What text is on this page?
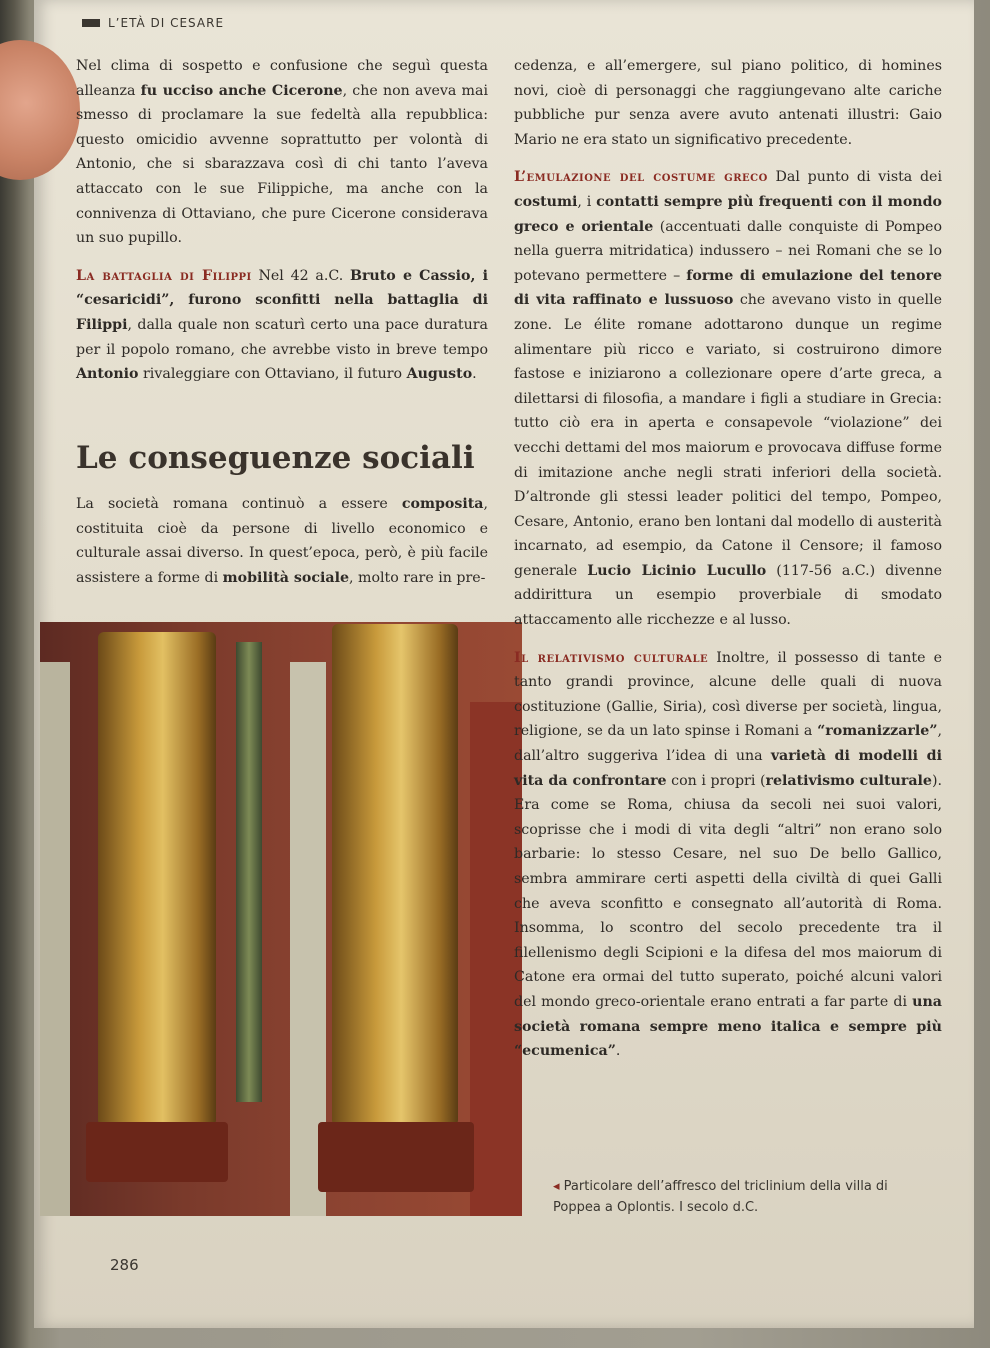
L’ETÀ DI CESARE

Nel clima di sospetto e confusione che seguì questa alleanza fu ucciso anche Cicerone, che non aveva mai smesso di proclamare la sue fedeltà alla repubblica: questo omicidio avvenne soprattutto per volontà di Antonio, che si sbarazzava così di chi tanto l’aveva attaccato con le sue Filippiche, ma anche con la connivenza di Ottaviano, che pure Cicerone considerava un suo pupillo.

La battaglia di Filippi Nel 42 a.C. Bruto e Cassio, i “cesaricidi”, furono sconfitti nella battaglia di Filippi, dalla quale non scaturì certo una pace duratura per il popolo romano, che avrebbe visto in breve tempo Antonio rivaleggiare con Ottaviano, il futuro Augusto.

Le conseguenze sociali

La società romana continuò a essere composita, costituita cioè da persone di livello economico e culturale assai diverso. In quest’epoca, però, è più facile assistere a forme di mobilità sociale, molto rare in pre-

cedenza, e all’emergere, sul piano politico, di homines novi, cioè di personaggi che raggiungevano alte cariche pubbliche pur senza avere avuto antenati illustri: Gaio Mario ne era stato un significativo precedente.

L’emulazione del costume greco Dal punto di vista dei costumi, i contatti sempre più frequenti con il mondo greco e orientale (accentuati dalle conquiste di Pompeo nella guerra mitridatica) indussero – nei Romani che se lo potevano permettere – forme di emulazione del tenore di vita raffinato e lussuoso che avevano visto in quelle zone. Le élite romane adottarono dunque un regime alimentare più ricco e variato, si costruirono dimore fastose e iniziarono a collezionare opere d’arte greca, a dilettarsi di filosofia, a mandare i figli a studiare in Grecia: tutto ciò era in aperta e consapevole “violazione” dei vecchi dettami del mos maiorum e provocava diffuse forme di imitazione anche negli strati inferiori della società. D’altronde gli stessi leader politici del tempo, Pompeo, Cesare, Antonio, erano ben lontani dal modello di austerità incarnato, ad esempio, da Catone il Censore; il famoso generale Lucio Licinio Lucullo (117-56 a.C.) divenne addirittura un esempio proverbiale di smodato attaccamento alle ricchezze e al lusso.

Il relativismo culturale Inoltre, il possesso di tante e tanto grandi province, alcune delle quali di nuova costituzione (Gallie, Siria), così diverse per società, lingua, religione, se da un lato spinse i Romani a “romanizzarle”, dall’altro suggeriva l’idea di una varietà di modelli di vita da confrontare con i propri (relativismo culturale). Era come se Roma, chiusa da secoli nei suoi valori, scoprisse che i modi di vita degli “altri” non erano solo barbarie: lo stesso Cesare, nel suo De bello Gallico, sembra ammirare certi aspetti della civiltà di quei Galli che aveva sconfitto e consegnato all’autorità di Roma. Insomma, lo scontro del secolo precedente tra il filellenismo degli Scipioni e la difesa del mos maiorum di Catone era ormai del tutto superato, poiché alcuni valori del mondo greco-orientale erano entrati a far parte di una società romana sempre meno italica e sempre più “ecumenica”.

◂ Particolare dell’affresco del triclinium della villa di Poppea a Oplontis. I secolo d.C.
286
